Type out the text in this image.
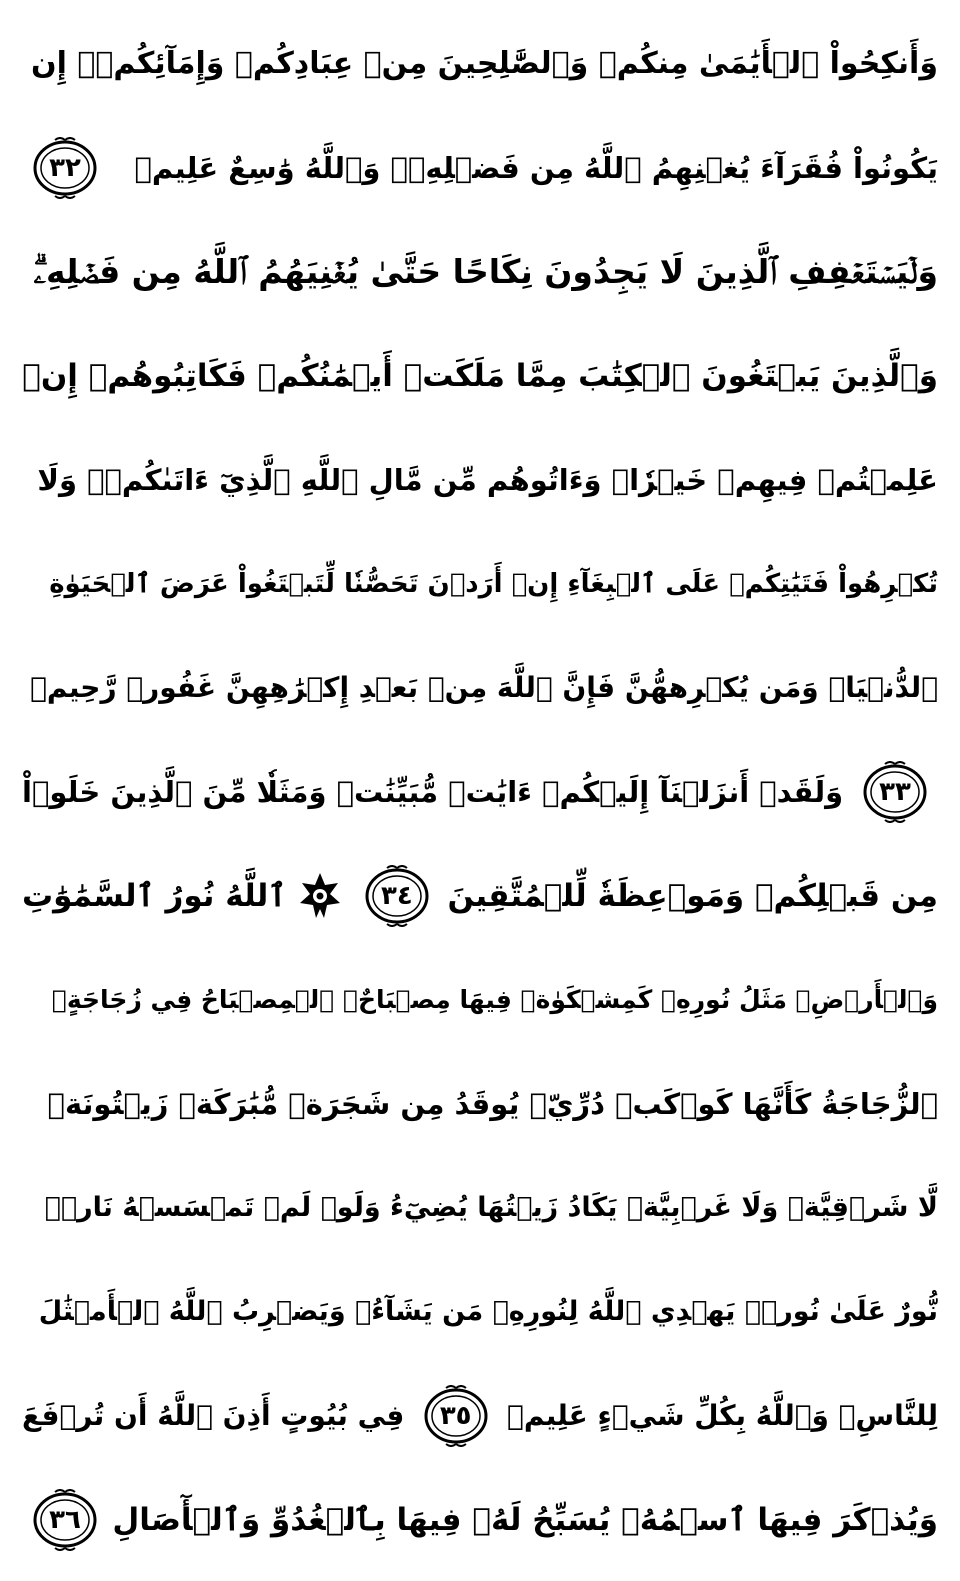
وَأَنكِحُواْ ٱلۡأَيَٰمَىٰ مِنكُمۡ وَٱلصَّٰلِحِينَ مِنۡ عِبَادِكُمۡ وَإِمَآئِكُمۡۚ إِن
يَكُونُواْ فُقَرَآءَ يُغۡنِهِمُ ٱللَّهُ مِن فَضۡلِهِۦۗ وَٱللَّهُ وَٰسِعٌ عَلِيمٞ
٣٢
وَلۡيَسۡتَعۡفِفِ ٱلَّذِينَ لَا يَجِدُونَ نِكَاحًا حَتَّىٰ يُغۡنِيَهُمُ ٱللَّهُ مِن فَضۡلِهِۦۗ
وَٱلَّذِينَ يَبۡتَغُونَ ٱلۡكِتَٰبَ مِمَّا مَلَكَتۡ أَيۡمَٰنُكُمۡ فَكَاتِبُوهُمۡ إِنۡ
عَلِمۡتُمۡ فِيهِمۡ خَيۡرٗاۖ وَءَاتُوهُم مِّن مَّالِ ٱللَّهِ ٱلَّذِيٓ ءَاتَىٰكُمۡۚ وَلَا
تُكۡرِهُواْ فَتَيَٰتِكُمۡ عَلَى ٱلۡبِغَآءِ إِنۡ أَرَدۡنَ تَحَصُّنٗا لِّتَبۡتَغُواْ عَرَضَ ٱلۡحَيَوٰةِ
ٱلدُّنۡيَاۚ وَمَن يُكۡرِههُّنَّ فَإِنَّ ٱللَّهَ مِنۢ بَعۡدِ إِكۡرَٰهِهِنَّ غَفُورٞ رَّحِيمٞ
٣٣
وَلَقَدۡ أَنزَلۡنَآ إِلَيۡكُمۡ ءَايَٰتٖ مُّبَيِّنَٰتٖ وَمَثَلٗا مِّنَ ٱلَّذِينَ خَلَوۡاْ
مِن قَبۡلِكُمۡ وَمَوۡعِظَةٗ لِّلۡمُتَّقِينَ
٣٤
ٱللَّهُ نُورُ ٱلسَّمَٰوَٰتِ
وَٱلۡأَرۡضِۚ مَثَلُ نُورِهِۦ كَمِشۡكَوٰةٖ فِيهَا مِصۡبَاحٌۖ ٱلۡمِصۡبَاحُ فِي زُجَاجَةٍۖ
ٱلزُّجَاجَةُ كَأَنَّهَا كَوۡكَبٞ دُرِّيّٞ يُوقَدُ مِن شَجَرَةٖ مُّبَٰرَكَةٖ زَيۡتُونَةٖ
لَّا شَرۡقِيَّةٖ وَلَا غَرۡبِيَّةٖ يَكَادُ زَيۡتُهَا يُضِيٓءُ وَلَوۡ لَمۡ تَمۡسَسۡهُ نَارٞۚ
نُّورٌ عَلَىٰ نُورٖۚ يَهۡدِي ٱللَّهُ لِنُورِهِۦ مَن يَشَآءُۚ وَيَضۡرِبُ ٱللَّهُ ٱلۡأَمۡثَٰلَ
لِلنَّاسِۗ وَٱللَّهُ بِكُلِّ شَيۡءٍ عَلِيمٞ
٣٥
فِي بُيُوتٍ أَذِنَ ٱللَّهُ أَن تُرۡفَعَ
وَيُذۡكَرَ فِيهَا ٱسۡمُهُۥ يُسَبِّحُ لَهُۥ فِيهَا بِٱلۡغُدُوِّ وَٱلۡأٓصَالِ
٣٦
